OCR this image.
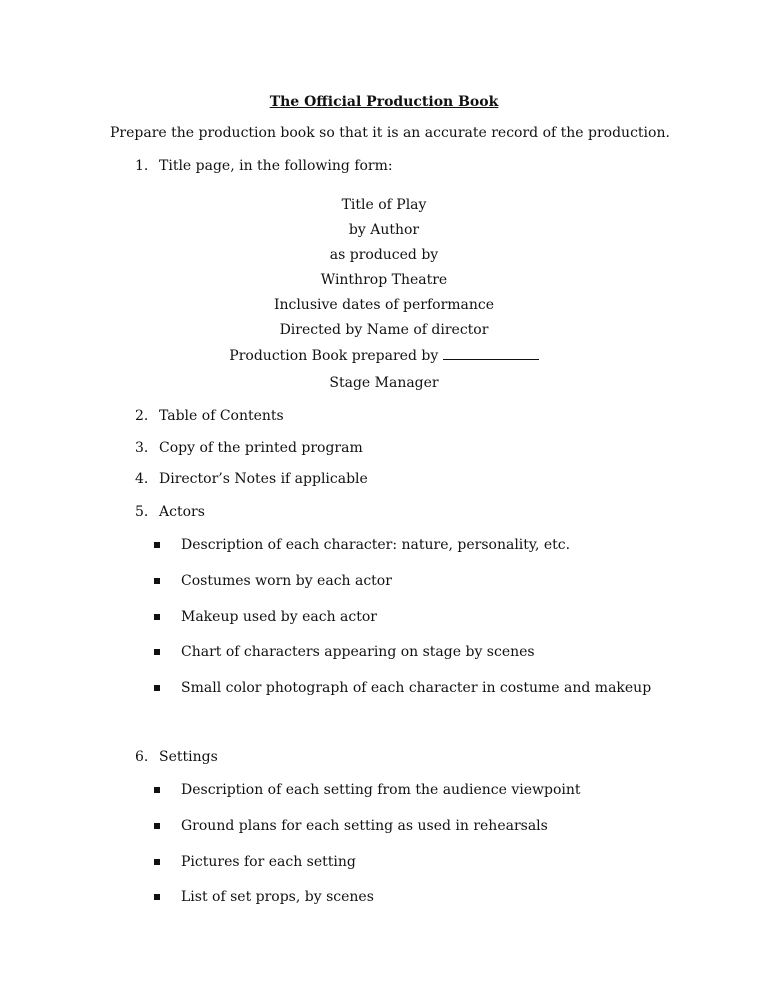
The Official Production Book
Prepare the production book so that it is an accurate record of the production.
1. Title page, in the following form:
Title of Play
by Author
as produced by
Winthrop Theatre
Inclusive dates of performance
Directed by Name of director
Production Book prepared by
Stage Manager
2. Table of Contents
3. Copy of the printed program
4. Director’s Notes if applicable
5. Actors
Description of each character: nature, personality, etc.
Costumes worn by each actor
Makeup used by each actor
Chart of characters appearing on stage by scenes
Small color photograph of each character in costume and makeup
6. Settings
Description of each setting from the audience viewpoint
Ground plans for each setting as used in rehearsals
Pictures for each setting
List of set props, by scenes
